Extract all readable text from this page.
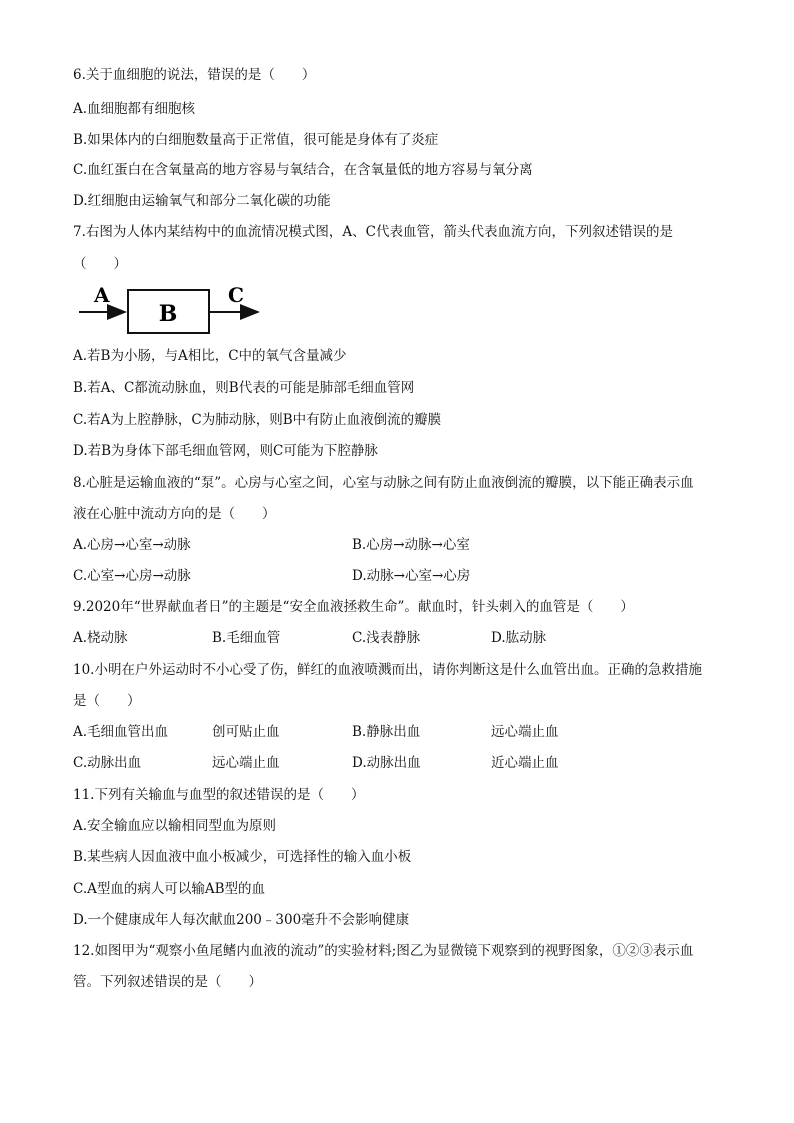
6.关于血细胞的说法，错误的是（　　）
A.血细胞都有细胞核
B.如果体内的白细胞数量高于正常值，很可能是身体有了炎症
C.血红蛋白在含氧量高的地方容易与氧结合，在含氧量低的地方容易与氧分离
D.红细胞由运输氧气和部分二氧化碳的功能
7.右图为人体内某结构中的血流情况模式图，A、C代表血管，箭头代表血流方向，下列叙述错误的是
（　　）
A
B
C
A.若B为小肠，与A相比，C中的氧气含量减少
B.若A、C都流动脉血，则B代表的可能是肺部毛细血管网
C.若A为上腔静脉，C为肺动脉，则B中有防止血液倒流的瓣膜
D.若B为身体下部毛细血管网，则C可能为下腔静脉
8.心脏是运输血液的“泵”。心房与心室之间，心室与动脉之间有防止血液倒流的瓣膜，以下能正确表示血
液在心脏中流动方向的是（　　）
A.心房→心室→动脉	B.心房→动脉→心室
C.心室→心房→动脉	D.动脉→心室→心房
9.2020年“世界献血者日”的主题是“安全血液拯救生命”。献血时，针头刺入的血管是（　　）
A.桡动脉	B.毛细血管	C.浅表静脉	D.肱动脉
10.小明在户外运动时不小心受了伤，鲜红的血液喷溅而出，请你判断这是什么血管出血。正确的急救措施
是（　　）
A.毛细血管出血	创可贴止血	B.静脉出血	远心端止血
C.动脉出血	远心端止血	D.动脉出血	近心端止血
11.下列有关输血与血型的叙述错误的是（　　）
A.安全输血应以输相同型血为原则
B.某些病人因血液中血小板减少，可选择性的输入血小板
C.A型血的病人可以输AB型的血
D.一个健康成年人每次献血200﹣300毫升不会影响健康
12.如图甲为“观察小鱼尾鳍内血液的流动”的实验材料;图乙为显微镜下观察到的视野图象，①②③表示血
管。下列叙述错误的是（　　）
